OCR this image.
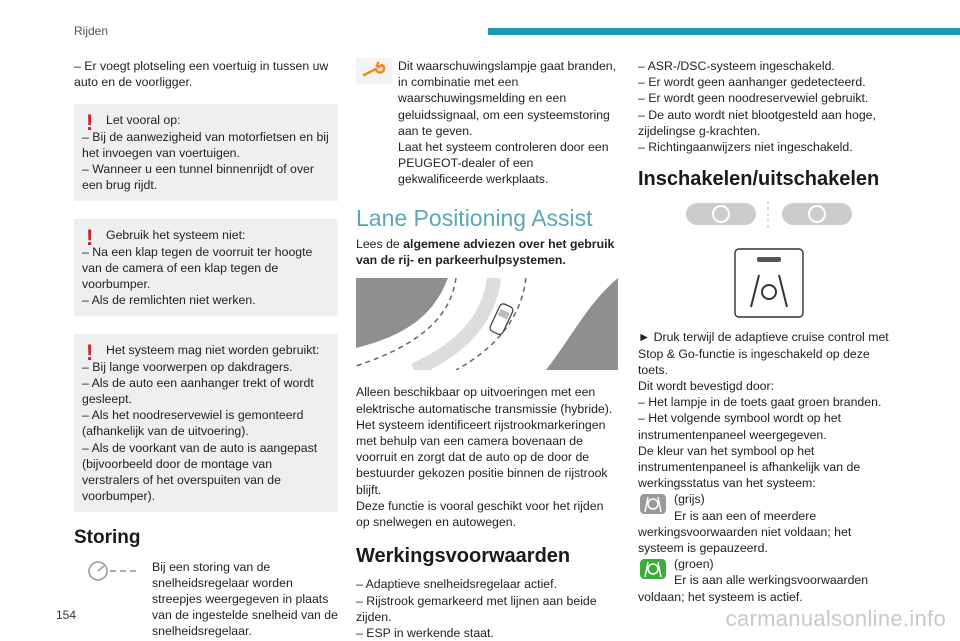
Rijden

– Er voegt plotseling een voertuig in tussen uw auto en de voorligger.

! Let vooral op:

– Bij de aanwezigheid van motorfietsen en bij het invoegen van voertuigen.
– Wanneer u een tunnel binnenrijdt of over een brug rijdt.

! Gebruik het systeem niet:

– Na een klap tegen de voorruit ter hoogte van de camera of een klap tegen de voorbumper.
– Als de remlichten niet werken.

! Het systeem mag niet worden gebruikt:

– Bij lange voorwerpen op dakdragers.
– Als de auto een aanhanger trekt of wordt gesleept.
– Als het noodreservewiel is gemonteerd (afhankelijk van de uitvoering).
– Als de voorkant van de auto is aangepast (bijvoorbeeld door de montage van verstralers of het overspuiten van de voorbumper).

Storing

Bij een storing van de snelheidsregelaar worden streepjes weergegeven in plaats van de ingestelde snelheid van de snelheidsregelaar.

Dit waarschuwingslampje gaat branden, in combinatie met een waarschuwingsmelding en een geluidssignaal, om een systeemstoring aan te geven.
Laat het systeem controleren door een PEUGEOT-dealer of een gekwalificeerde werkplaats.

Lane Positioning Assist

Lees de algemene adviezen over het gebruik van de rij- en parkeerhulpsystemen.

Alleen beschikbaar op uitvoeringen met een elektrische automatische transmissie (hybride).
Het systeem identificeert rijstrookmarkeringen met behulp van een camera bovenaan de voorruit en zorgt dat de auto op de door de bestuurder gekozen positie binnen de rijstrook blijft.
Deze functie is vooral geschikt voor het rijden op snelwegen en autowegen.

Werkingsvoorwaarden

– Adaptieve snelheidsregelaar actief.
– Rijstrook gemarkeerd met lijnen aan beide zijden.
– ESP in werkende staat.

– ASR-/DSC-systeem ingeschakeld.
– Er wordt geen aanhanger gedetecteerd.
– Er wordt geen noodreservewiel gebruikt.
– De auto wordt niet blootgesteld aan hoge, zijdelingse g-krachten.
– Richtingaanwijzers niet ingeschakeld.

Inschakelen/uitschakelen

► Druk terwijl de adaptieve cruise control met Stop & Go-functie is ingeschakeld op deze toets.
Dit wordt bevestigd door:
– Het lampje in de toets gaat groen branden.
– Het volgende symbool wordt op het instrumentenpaneel weergegeven.
De kleur van het symbool op het instrumentenpaneel is afhankelijk van de werkingsstatus van het systeem:

(grijs)

Er is aan een of meerdere werkingsvoorwaarden niet voldaan; het systeem is gepauzeerd.

(groen)

Er is aan alle werkingsvoorwaarden voldaan; het systeem is actief.

154	carmanualsonline.info
